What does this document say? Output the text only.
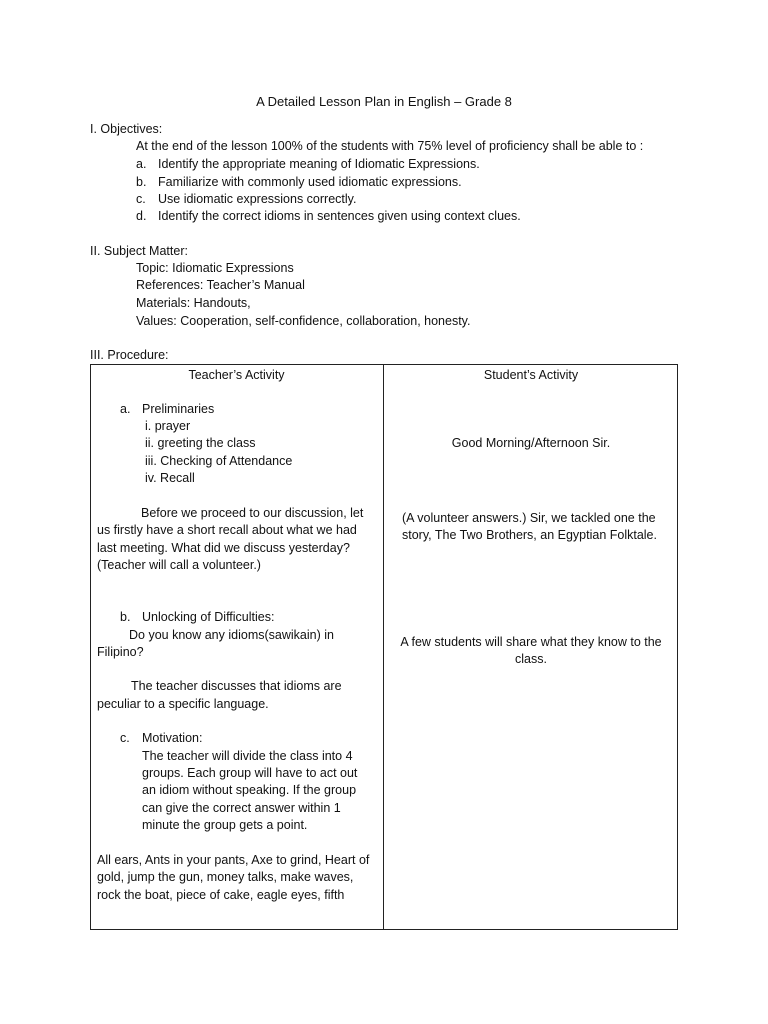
A Detailed Lesson Plan in English – Grade 8
I. Objectives:
At the end of the lesson 100% of the students with 75% level of proficiency shall be able to :
a. Identify the appropriate meaning of Idiomatic Expressions.
b. Familiarize with commonly used idiomatic expressions.
c. Use idiomatic expressions correctly.
d. Identify the correct idioms in sentences given using context clues.
II. Subject Matter:
Topic: Idiomatic Expressions
References: Teacher’s Manual
Materials: Handouts,
Values: Cooperation, self-confidence, collaboration, honesty.
III. Procedure:
Teacher’s Activity	Student’s Activity
a. Preliminaries
i. prayer
ii. greeting the class
iii. Checking of Attendance
iv. Recall
Before we proceed to our discussion, let
us firstly have a short recall about what we had
last meeting. What did we discuss yesterday?
(Teacher will call a volunteer.)
b. Unlocking of Difficulties:
Do you know any idioms(sawikain) in
Filipino?
The teacher discusses that idioms are
peculiar to a specific language.
c. Motivation:
The teacher will divide the class into 4
groups. Each group will have to act out
an idiom without speaking. If the group
can give the correct answer within 1
minute the group gets a point.
All ears, Ants in your pants, Axe to grind, Heart of
gold, jump the gun, money talks, make waves,
rock the boat, piece of cake, eagle eyes, fifth
Good Morning/Afternoon Sir.
(A volunteer answers.) Sir, we tackled one the
story, The Two Brothers, an Egyptian Folktale.
A few students will share what they know to the
class.
